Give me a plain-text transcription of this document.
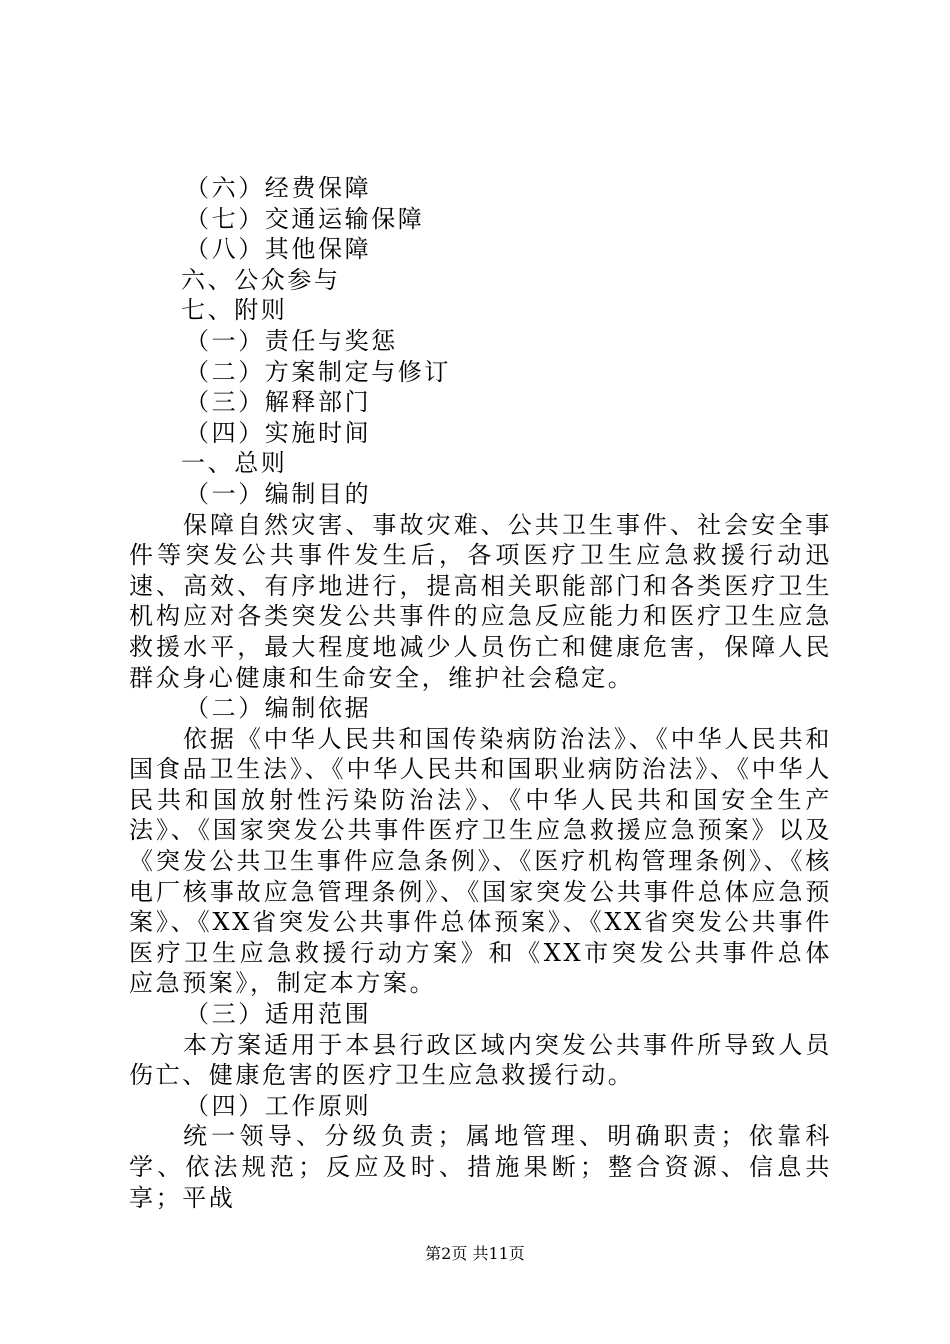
（六）经费保障
（七）交通运输保障
（八）其他保障
六、公众参与
七、附则
（一）责任与奖惩
（二）方案制定与修订
（三）解释部门
（四）实施时间
一、总则
（一）编制目的
保障自然灾害、事故灾难、公共卫生事件、社会安全事件等突发公共事件发生后，各项医疗卫生应急救援行动迅速、高效、有序地进行，提高相关职能部门和各类医疗卫生机构应对各类突发公共事件的应急反应能力和医疗卫生应急救援水平，最大程度地减少人员伤亡和健康危害，保障人民群众身心健康和生命安全，维护社会稳定。
（二）编制依据
依据《中华人民共和国传染病防治法》、《中华人民共和国食品卫生法》、《中华人民共和国职业病防治法》、《中华人民共和国放射性污染防治法》、《中华人民共和国安全生产法》、《国家突发公共事件医疗卫生应急救援应急预案》以及《突发公共卫生事件应急条例》、《医疗机构管理条例》、《核电厂核事故应急管理条例》、《国家突发公共事件总体应急预案》、《XX省突发公共事件总体预案》、《XX省突发公共事件医疗卫生应急救援行动方案》和《XX市突发公共事件总体应急预案》，制定本方案。
（三）适用范围
本方案适用于本县行政区域内突发公共事件所导致人员伤亡、健康危害的医疗卫生应急救援行动。
（四）工作原则
统一领导、分级负责；属地管理、明确职责；依靠科学、依法规范；反应及时、措施果断；整合资源、信息共享；平战
第2页 共11页
